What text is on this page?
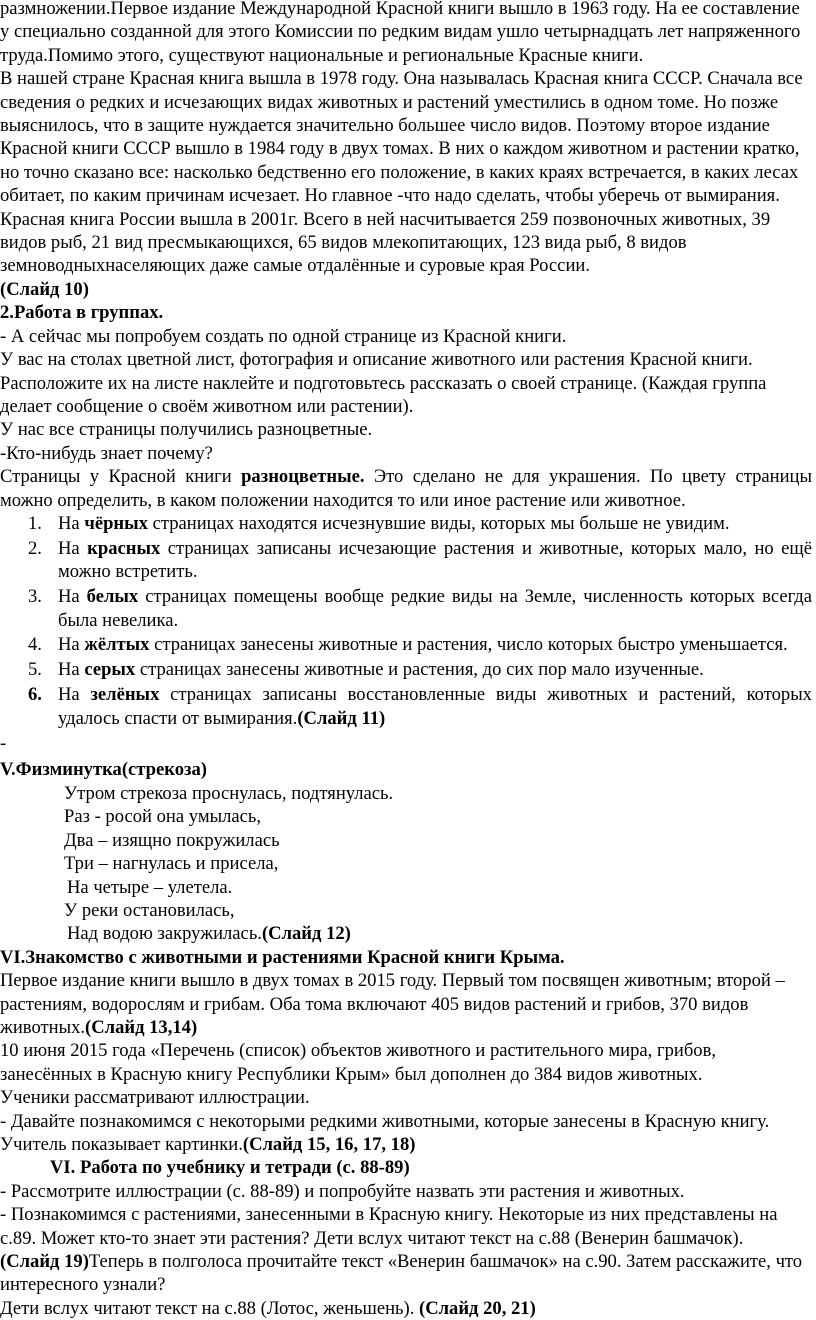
размножении.Первое издание Международной Красной книги вышло в 1963 году. На ее составление у специально созданной для этого Комиссии по редким видам ушло четырнадцать лет напряженного труда.Помимо этого, существуют национальные и региональные Красные книги.

В нашей стране Красная книга вышла в 1978 году. Она называлась Красная книга СССР. Сначала все сведения о редких и исчезающих видах животных и растений уместились в одном томе. Но позже выяснилось, что в защите нуждается значительно большее число видов. Поэтому второе издание Красной книги СССР вышло в 1984 году в двух томах. В них о каждом животном и растении кратко, но точно сказано все: насколько бедственно его положение, в каких краях встречается, в каких лесах обитает, по каким причинам исчезает. Но главное -что надо сделать, чтобы уберечь от вымирания. Красная книга России вышла в 2001г. Всего в ней насчитывается 259 позвоночных животных, 39 видов рыб, 21 вид пресмыкающихся, 65 видов млекопитающих, 123 вида рыб, 8 видов земноводныхнаселяющих даже самые отдалённые и суровые края России.

(Слайд 10)

2.Работа в группах.

- А сейчас мы попробуем создать по одной странице из Красной книги.

У вас на столах цветной лист, фотография и описание животного или растения Красной книги. Расположите их на листе наклейте и подготовьтесь рассказать о своей странице. (Каждая группа делает сообщение о своём животном или растении).

У нас все страницы получились разноцветные.

-Кто-нибудь знает почему?

Страницы у Красной книги разноцветные. Это сделано не для украшения. По цвету страницы можно определить, в каком положении находится то или иное растение или животное.

1. На чёрных страницах находятся исчезнувшие виды, которых мы больше не увидим.
2. На красных страницах записаны исчезающие растения и животные, которых мало, но ещё можно встретить.
3. На белых страницах помещены вообще редкие виды на Земле, численность которых всегда была невелика.
4. На жёлтых страницах занесены животные и растения, число которых быстро уменьшается.
5. На серых страницах занесены животные и растения, до сих пор мало изученные.
6. На зелёных страницах записаны восстановленные виды животных и растений, которых удалось спасти от вымирания.(Слайд 11)

-

V.Физминутка(стрекоза)

Утром стрекоза проснулась, подтянулась.

Раз - росой она умылась,

Два – изящно покружилась

Три – нагнулась и присела,

На четыре – улетела.

У реки остановилась,

Над водою закружилась.(Слайд 12)

VI.Знакомство с животными и растениями Красной книги Крыма.

Первое издание книги вышло в двух томах в 2015 году. Первый том посвящен животным; второй – растениям, водорослям и грибам. Оба тома включают 405 видов растений и грибов, 370 видов животных.(Слайд 13,14)

10 июня 2015 года «Перечень (список) объектов животного и растительного мира, грибов, занесённых в Красную книгу Республики Крым» был дополнен до 384 видов животных.

Ученики рассматривают иллюстрации.

- Давайте познакомимся с некоторыми редкими животными, которые занесены в Красную книгу.

Учитель показывает картинки.(Слайд 15, 16, 17, 18)

VI. Работа по учебнику и тетради (с. 88-89)

- Рассмотрите иллюстрации (с. 88-89) и попробуйте назвать эти растения и животных.

- Познакомимся с растениями, занесенными в Красную книгу. Некоторые из них представлены на с.89. Может кто-то знает эти растения? Дети вслух читают текст на с.88 (Венерин башмачок).

(Слайд 19)Теперь в полголоса прочитайте текст «Венерин башмачок» на с.90. Затем расскажите, что интересного узнали?

Дети вслух читают текст на с.88 (Лотос, женьшень). (Слайд 20, 21)
